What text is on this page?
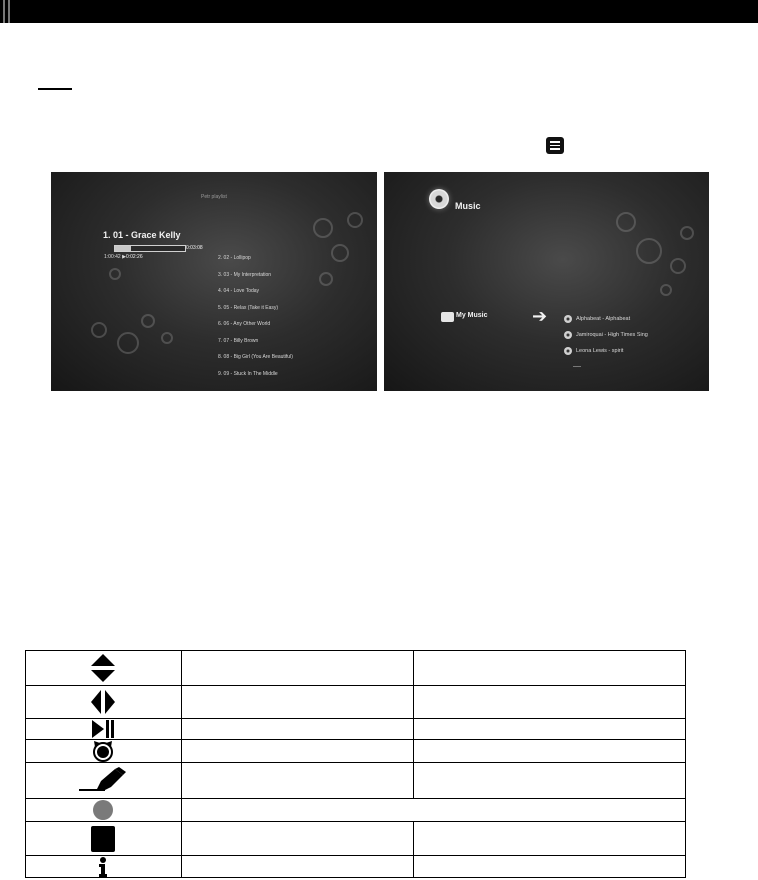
Petr playlist
1. 01 - Grace Kelly
0:03:08
1:00:42 ▶0:02:26	2. 02 - Lollipop
3. 03 - My Interpretation
4. 04 - Love Today
5. 05 - Relax (Take it Easy)
6. 06 - Any Other World
7. 07 - Billy Brown
8. 08 - Big Girl (You Are Beautiful)
9. 09 - Stuck In The Middle
Music
My Music ➔	Alphabeat - Alphabeat
Jamiroquai - High Times Sing
Leona Lewis - spirit
